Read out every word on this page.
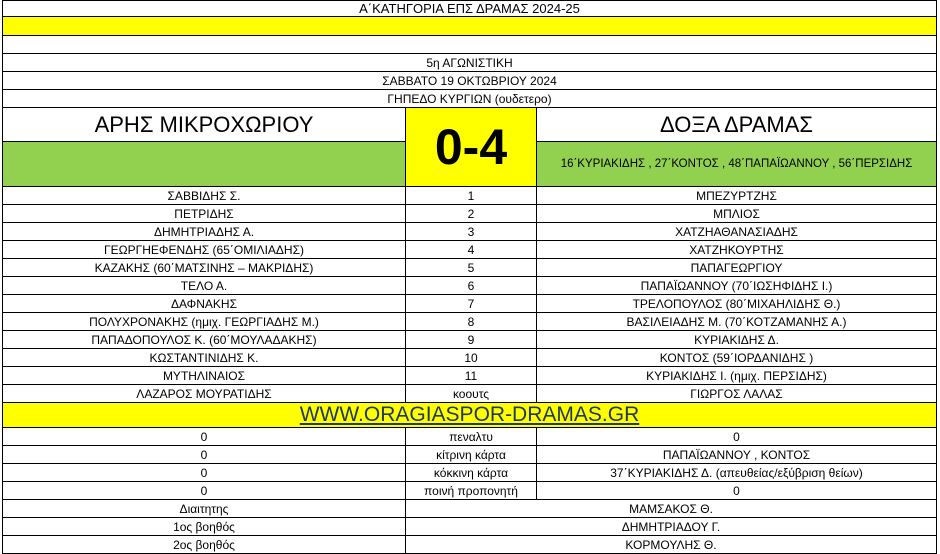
Α΄ΚΑΤΗΓΟΡΙΑ ΕΠΣ ΔΡΑΜΑΣ 2024-25
5η ΑΓΩΝΙΣΤΙΚΗ
ΣΑΒΒΑΤΟ 19 ΟΚΤΩΒΡΙΟΥ 2024
ΓΗΠΕΔΟ ΚΥΡΓΙΩΝ (ουδετερο)
ΑΡΗΣ ΜΙΚΡΟΧΩΡΙΟΥ	0-4	ΔΟΞΑ ΔΡΑΜΑΣ
16΄ΚΥΡΙΑΚΙΔΗΣ , 27΄ΚΟΝΤΟΣ , 48΄ΠΑΠΑΪΩΑΝΝΟΥ , 56΄ΠΕΡΣΙΔΗΣ
ΣΑΒΒΙΔΗΣ Σ.	1	ΜΠΕΖΥΡΤΖΗΣ
ΠΕΤΡΙΔΗΣ	2	ΜΠΛΙΟΣ
ΔΗΜΗΤΡΙΑΔΗΣ Α.	3	ΧΑΤΖΗΑΘΑΝΑΣΙΑΔΗΣ
ΓΕΩΡΓΗΕΦΕΝΔΗΣ (65΄ΟΜΙΛΙΑΔΗΣ)	4	ΧΑΤΖΗΚΟΥΡΤΗΣ
ΚΑΖΑΚΗΣ (60΄ΜΑΤΣΙΝΗΣ – ΜΑΚΡΙΔΗΣ)	5	ΠΑΠΑΓΕΩΡΓΙΟΥ
ΤΕΛΟ Α.	6	ΠΑΠΑΪΩΑΝΝΟΥ (70΄ΙΩΣΗΦΙΔΗΣ Ι.)
ΔΑΦΝΑΚΗΣ	7	ΤΡΕΛΟΠΟΥΛΟΣ (80΄ΜΙΧΑΗΛΙΔΗΣ Θ.)
ΠΟΛΥΧΡΟΝΑΚΗΣ (ημιχ. ΓΕΩΡΓΙΑΔΗΣ Μ.)	8	ΒΑΣΙΛΕΙΑΔΗΣ Μ. (70΄ΚΟΤΖΑΜΑΝΗΣ Α.)
ΠΑΠΑΔΟΠΟΥΛΟΣ Κ. (60΄ΜΟΥΛΑΔΑΚΗΣ)	9	ΚΥΡΙΑΚΙΔΗΣ Δ.
ΚΩΣΤΑΝΤΙΝΙΔΗΣ Κ.	10	ΚΟΝΤΟΣ (59΄ΙΟΡΔΑΝΙΔΗΣ )
ΜΥΤΗΛΙΝΑΙΟΣ	11	ΚΥΡΙΑΚΙΔΗΣ Ι. (ημιχ. ΠΕΡΣΙΔΗΣ)
ΛΑΖΑΡΟΣ ΜΟΥΡΑΤΙΔΗΣ	κοουτς	ΓΙΩΡΓΟΣ ΛΑΛΑΣ
WWW.ORAGIASPOR-DRAMAS.GR
0	πεναλτυ	0
0	κίτρινη κάρτα	ΠΑΠΑΪΩΑΝΝΟΥ , ΚΟΝΤΟΣ
0	κόκκινη κάρτα	37΄ΚΥΡΙΑΚΙΔΗΣ Δ. (απευθείας/εξύβριση θείων)
0	ποινή προπονητή	0
Διαιτητης	ΜΑΜΣΑΚΟΣ Θ.
1ος βοηθός	ΔΗΜΗΤΡΙΑΔΟΥ Γ.
2ος βοηθός	ΚΟΡΜΟΥΛΗΣ Θ.
